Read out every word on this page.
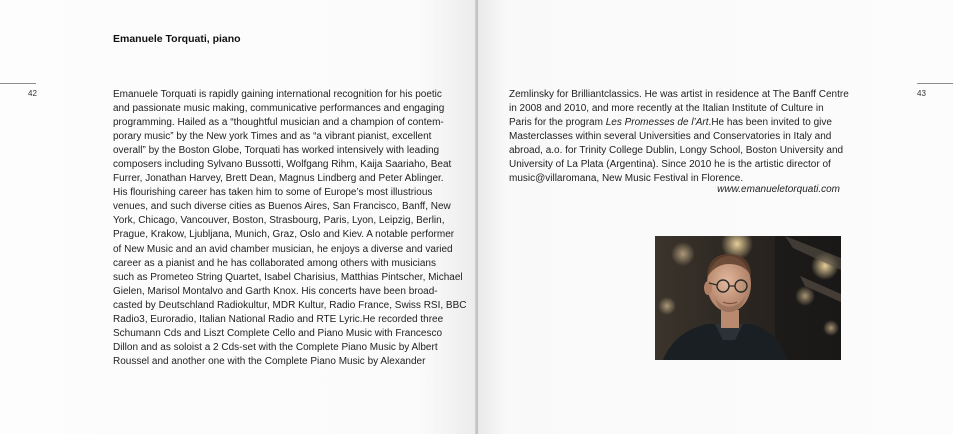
42
Emanuele Torquati, piano
Emanuele Torquati is rapidly gaining international recognition for his poetic
and passionate music making, communicative performances and engaging
programming. Hailed as a “thoughtful musician and a champion of contem-
porary music” by the New york Times and as “a vibrant pianist, excellent
overall” by the Boston Globe, Torquati has worked intensively with leading
composers including Sylvano Bussotti, Wolfgang Rihm, Kaija Saariaho, Beat
Furrer, Jonathan Harvey, Brett Dean, Magnus Lindberg and Peter Ablinger.
His flourishing career has taken him to some of Europe’s most illustrious
venues, and such diverse cities as Buenos Aires, San Francisco, Banff, New
York, Chicago, Vancouver, Boston, Strasbourg, Paris, Lyon, Leipzig, Berlin,
Prague, Krakow, Ljubljana, Munich, Graz, Oslo and Kiev. A notable performer
of New Music and an avid chamber musician, he enjoys a diverse and varied
career as a pianist and he has collaborated among others with musicians
such as Prometeo String Quartet, Isabel Charisius, Matthias Pintscher, Michael
Gielen, Marisol Montalvo and Garth Knox. His concerts have been broad-
casted by Deutschland Radiokultur, MDR Kultur, Radio France, Swiss RSI, BBC
Radio3, Euroradio, Italian National Radio and RTE Lyric.He recorded three
Schumann Cds and Liszt Complete Cello and Piano Music with Francesco
Dillon and as soloist a 2 Cds-set with the Complete Piano Music by Albert
Roussel and another one with the Complete Piano Music by Alexander
43
Zemlinsky for Brilliantclassics. He was artist in residence at The Banff Centre
in 2008 and 2010, and more recently at the Italian Institute of Culture in
Paris for the program Les Promesses de l’Art.He has been invited to give
Masterclasses within several Universities and Conservatories in Italy and
abroad, a.o. for Trinity College Dublin, Longy School, Boston University and
University of La Plata (Argentina). Since 2010 he is the artistic director of
music@villaromana, New Music Festival in Florence.
www.emanueletorquati.com
